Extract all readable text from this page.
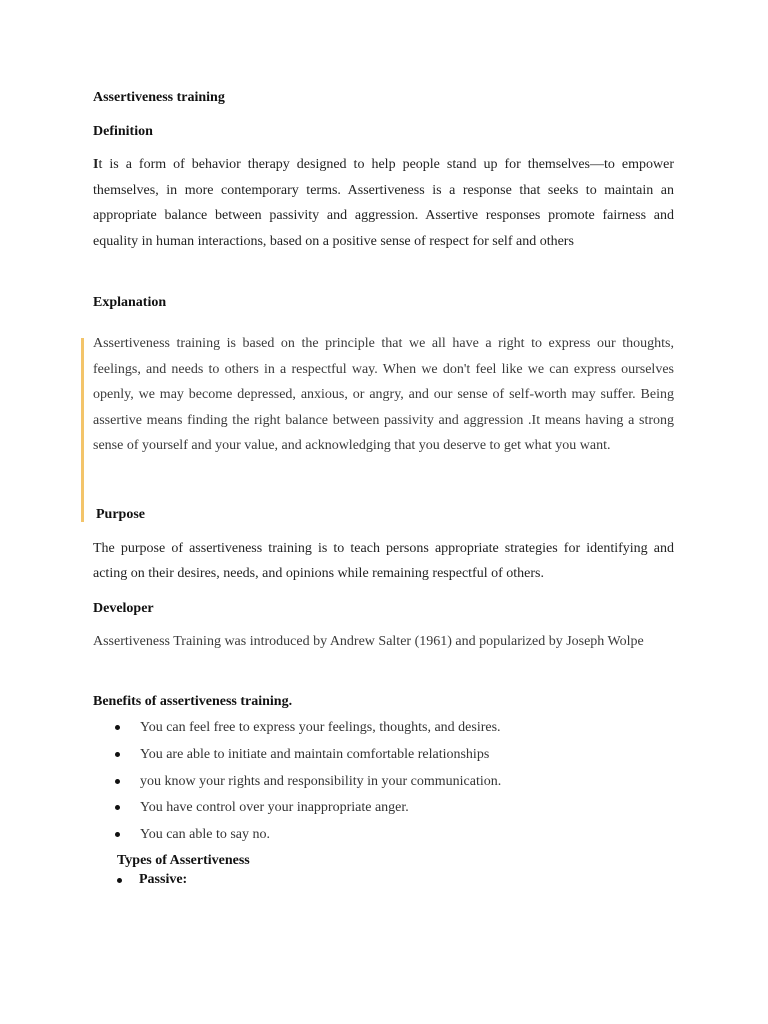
Assertiveness training
Definition

It is a form of behavior therapy designed to help people stand up for themselves—to empower themselves, in more contemporary terms. Assertiveness is a response that seeks to maintain an appropriate balance between passivity and aggression. Assertive responses promote fairness and equality in human interactions, based on a positive sense of respect for self and others

Explanation

Assertiveness training is based on the principle that we all have a right to express our thoughts, feelings, and needs to others in a respectful way. When we don't feel like we can express ourselves openly, we may become depressed, anxious, or angry, and our sense of self-worth may suffer. Being assertive means finding the right balance between passivity and aggression .It means having a strong sense of yourself and your value, and acknowledging that you deserve to get what you want.

Purpose

The purpose of assertiveness training is to teach persons appropriate strategies for identifying and acting on their desires, needs, and opinions while remaining respectful of others.

Developer

Assertiveness Training was introduced by Andrew Salter (1961) and popularized by Joseph Wolpe

Benefits of assertiveness training.
You can feel free to express your feelings, thoughts, and desires.
You are able to initiate and maintain comfortable relationships
you know your rights and responsibility in your communication.
You have control over your inappropriate anger.
You can able to say no.
Types of Assertiveness
Passive:
